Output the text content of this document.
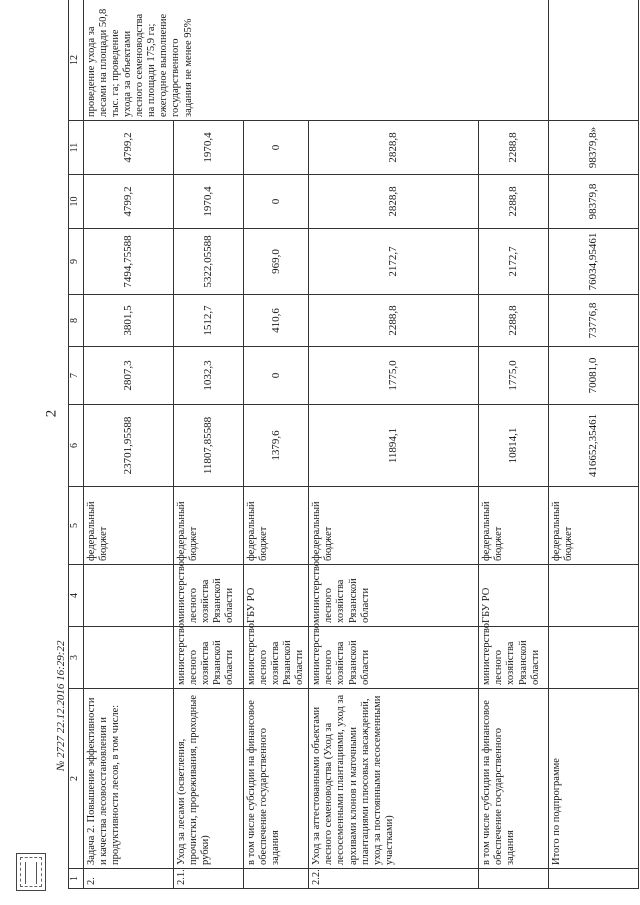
2
№ 2727 22.12.2016 16:29:22
1	2	3	4	5	6	7	8	9	10	11	12
2.	Задача 2. Повышение эффективности и качества лесовосстановления и продуктивности лесов, в том числе:			федеральный бюджет	23701,95588	2807,3	3801,5	7494,75588	4799,2	4799,2	проведение ухода за лесами на площади 50,8 тыс. га; проведение ухода за объектами лесного семеноводства на площади 175,9 га; ежегодное выполнение государственного задания не менее 95%
2.1.	Уход за лесами (осветления, прочистки, прореживания, проходные рубки)	министерство лесного хозяйства Рязанской области	министерство лесного хозяйства Рязанской области	федеральный бюджет	11807,85588	1032,3	1512,7	5322,05588	1970,4	1970,4	
	в том числе субсидии на финансовое обеспечение государственного задания	министерство лесного хозяйства Рязанской области	ГБУ РО	федеральный бюджет	1379,6	0	410,6	969,0	0	0	
2.2.	Уход за аттестованными объектами лесного семеноводства (Уход за лесосеменными плантациями, уход за архивами клонов и маточными плантациями плюсовых насаждений, уход за постоянными лесосеменными участками)	министерство лесного хозяйства Рязанской области	министерство лесного хозяйства Рязанской области	федеральный бюджет	11894,1	1775,0	2288,8	2172,7	2828,8	2828,8	
	в том числе субсидии на финансовое обеспечение государственного задания	министерство лесного хозяйства Рязанской области	ГБУ РО	федеральный бюджет	10814,1	1775,0	2288,8	2172,7	2288,8	2288,8	
	Итого по подпрограмме			федеральный бюджет	416652,35461	70081,0	73776,8	76034,95461	98379,8	98379,8»	
